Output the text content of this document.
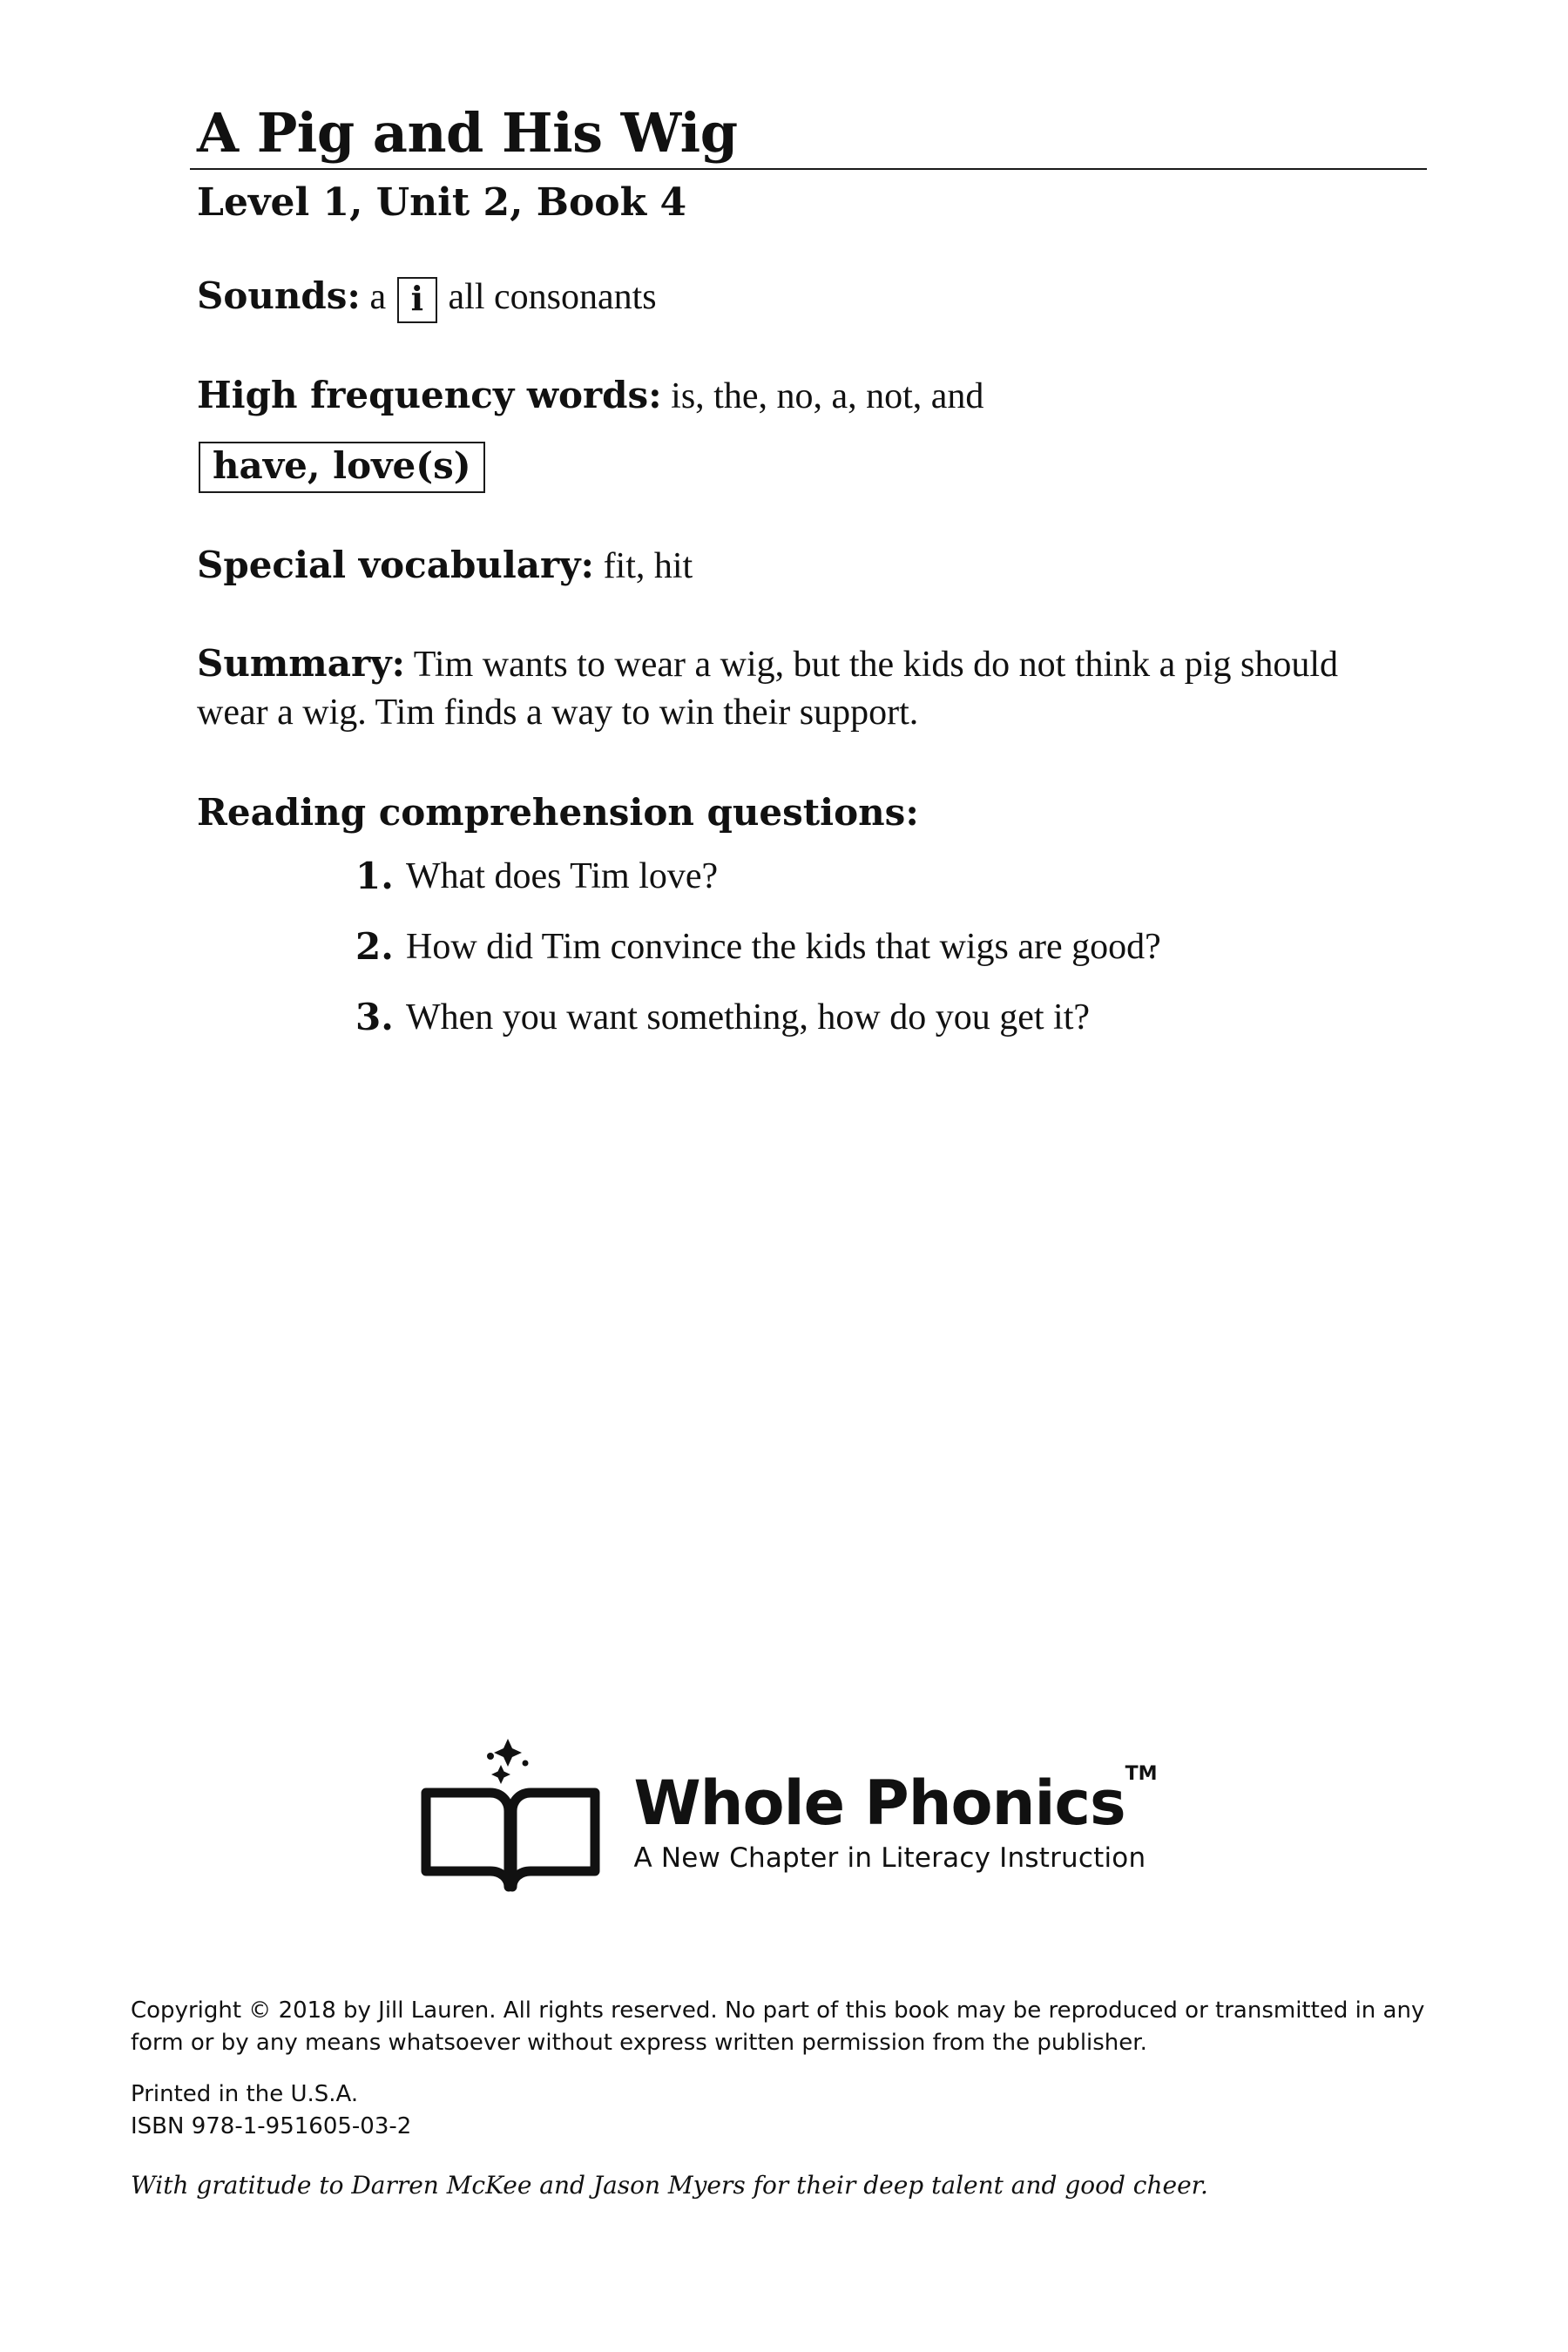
A Pig and His Wig
Level 1, Unit 2, Book 4
Sounds: a i all consonants
High frequency words: is, the, no, a, not, and
have, love(s)
Special vocabulary: fit, hit
Summary: Tim wants to wear a wig, but the kids do not think a pig should wear a wig. Tim finds a way to win their support.
Reading comprehension questions:
1. What does Tim love?
2. How did Tim convince the kids that wigs are good?
3. When you want something, how do you get it?
Whole Phonics™
A New Chapter in Literacy Instruction

Copyright © 2018 by Jill Lauren. All rights reserved. No part of this book may be reproduced or transmitted in any form or by any means whatsoever without express written permission from the publisher.

Printed in the U.S.A.

ISBN 978-1-951605-03-2

With gratitude to Darren McKee and Jason Myers for their deep talent and good cheer.
